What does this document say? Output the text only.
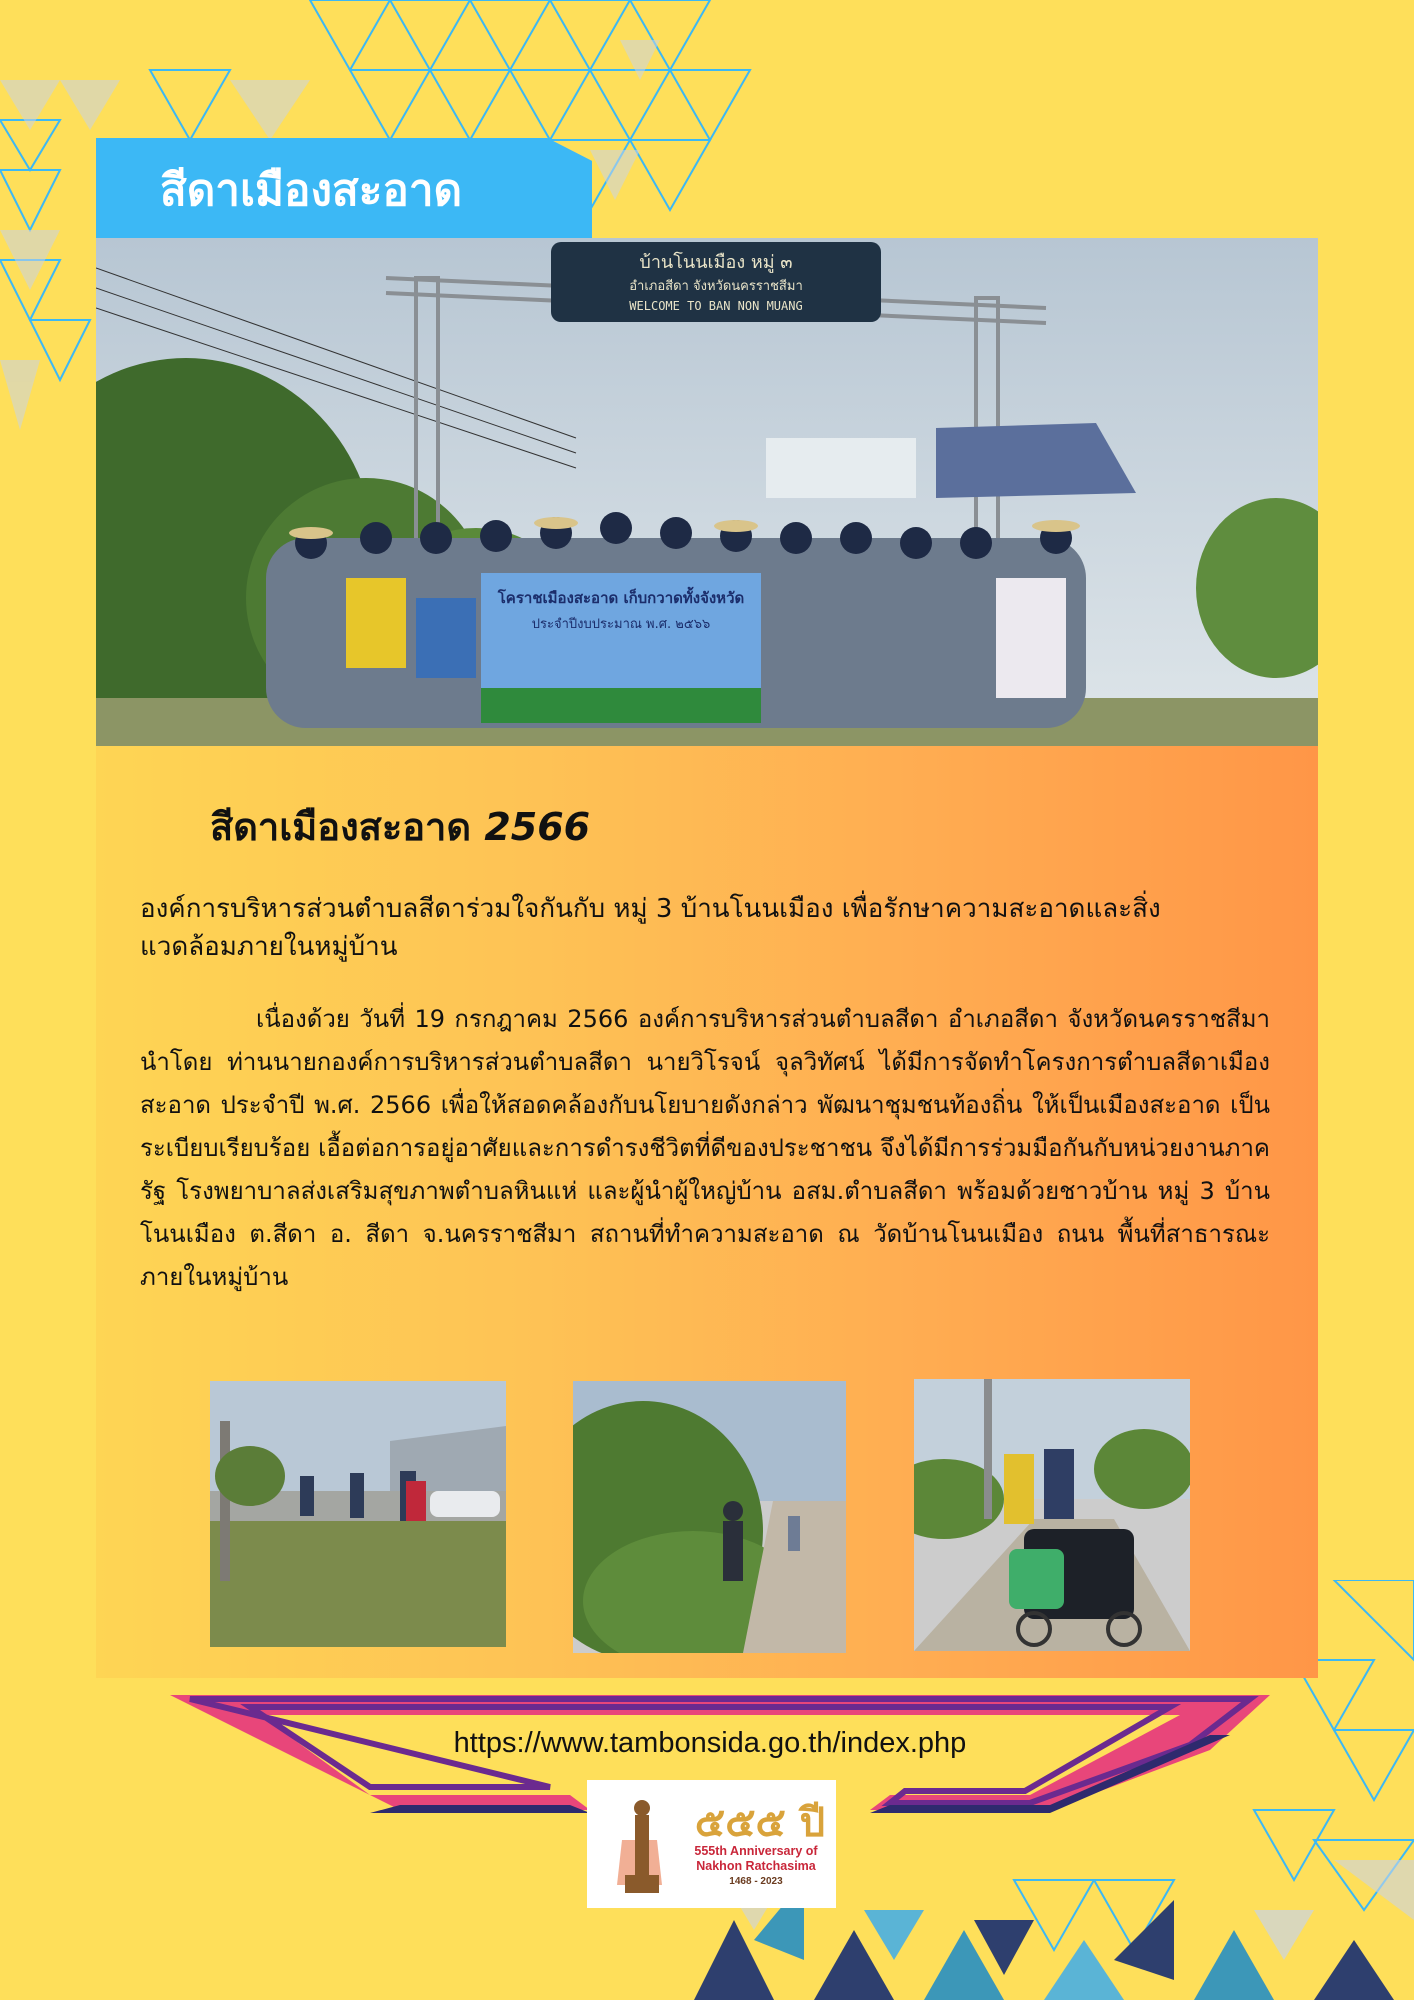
สีดาเมืองสะอาด
บ้านโนนเมือง หมู่ ๓
อำเภอสีดา จังหวัดนครราชสีมา
WELCOME TO BAN NON MUANG
โคราชเมืองสะอาด เก็บกวาดทั้งจังหวัด
ประจำปีงบประมาณ พ.ศ. ๒๕๖๖
สีดาเมืองสะอาด 2566
องค์การบริหารส่วนตำบลสีดาร่วมใจกันกับ หมู่ 3 บ้านโนนเมือง เพื่อรักษาความสะอาดและสิ่งแวดล้อมภายในหมู่บ้าน
เนื่องด้วย วันที่ 19 กรกฎาคม 2566 องค์การบริหารส่วนตำบลสีดา อำเภอสีดา จังหวัดนครราชสีมา นำโดย ท่านนายกองค์การบริหารส่วนตำบลสีดา นายวิโรจน์ จุลวิทัศน์ ได้มีการจัดทำโครงการตำบลสีดาเมืองสะอาด ประจำปี พ.ศ. 2566 เพื่อให้สอดคล้องกับนโยบายดังกล่าว พัฒนาชุมชนท้องถิ่น ให้เป็นเมืองสะอาด เป็นระเบียบเรียบร้อย เอื้อต่อการอยู่อาศัยและการดำรงชีวิตที่ดีของประชาชน จึงได้มีการร่วมมือกันกับหน่วยงานภาครัฐ โรงพยาบาลส่งเสริมสุขภาพตำบลหินแห่ และผู้นำผู้ใหญ่บ้าน อสม.ตำบลสีดา พร้อมด้วยชาวบ้าน หมู่ 3 บ้านโนนเมือง ต.สีดา อ. สีดา จ.นครราชสีมา สถานที่ทำความสะอาด ณ วัดบ้านโนนเมือง ถนน พื้นที่สาธารณะภายในหมู่บ้าน
https://www.tambonsida.go.th/index.php
๕๕๕ ปี
555th Anniversary of
Nakhon Ratchasima
1468 - 2023
